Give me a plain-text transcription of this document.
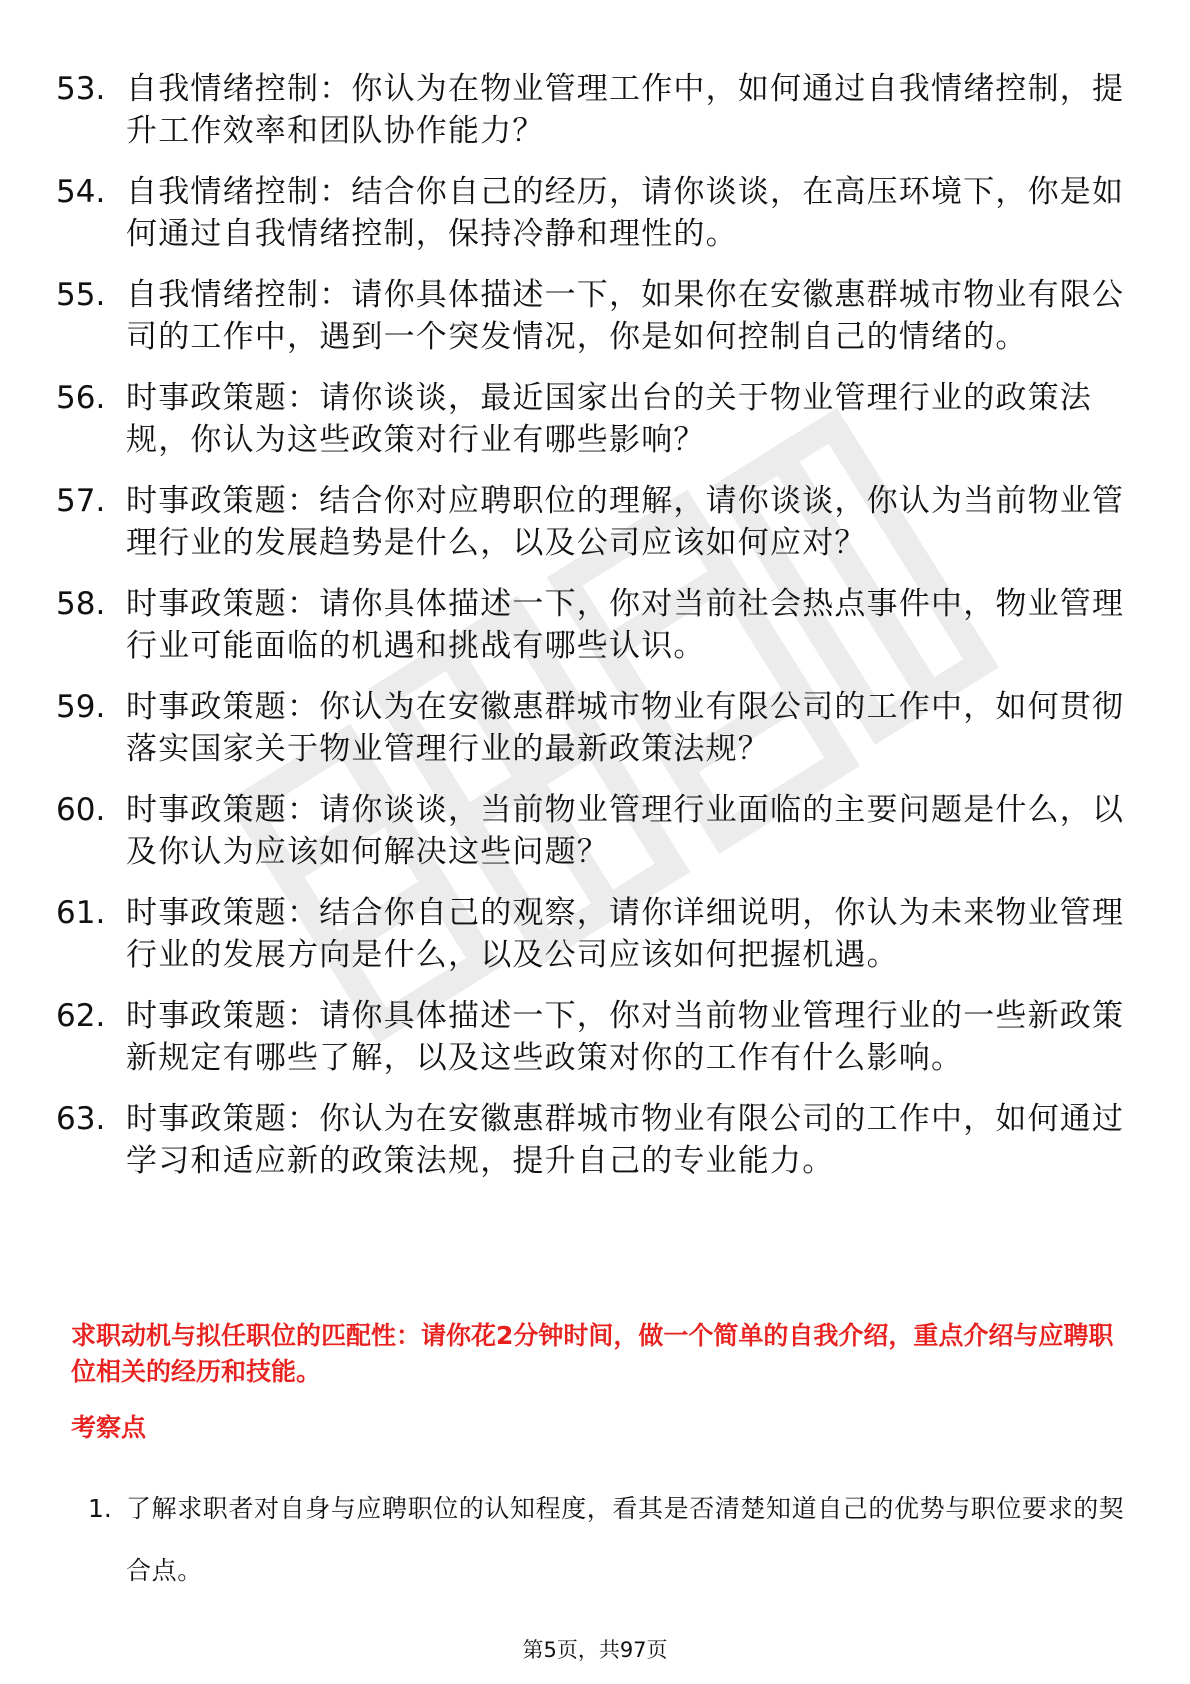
53. 自我情绪控制：你认为在物业管理工作中，如何通过自我情绪控制，提升工作效率和团队协作能力？
54. 自我情绪控制：结合你自己的经历，请你谈谈，在高压环境下，你是如何通过自我情绪控制，保持冷静和理性的。
55. 自我情绪控制：请你具体描述一下，如果你在安徽惠群城市物业有限公司的工作中，遇到一个突发情况，你是如何控制自己的情绪的。
56. 时事政策题：请你谈谈，最近国家出台的关于物业管理行业的政策法规，你认为这些政策对行业有哪些影响？
57. 时事政策题：结合你对应聘职位的理解，请你谈谈，你认为当前物业管理行业的发展趋势是什么，以及公司应该如何应对？
58. 时事政策题：请你具体描述一下，你对当前社会热点事件中，物业管理行业可能面临的机遇和挑战有哪些认识。
59. 时事政策题：你认为在安徽惠群城市物业有限公司的工作中，如何贯彻落实国家关于物业管理行业的最新政策法规？
60. 时事政策题：请你谈谈，当前物业管理行业面临的主要问题是什么，以及你认为应该如何解决这些问题？
61. 时事政策题：结合你自己的观察，请你详细说明，你认为未来物业管理行业的发展方向是什么，以及公司应该如何把握机遇。
62. 时事政策题：请你具体描述一下，你对当前物业管理行业的一些新政策新规定有哪些了解，以及这些政策对你的工作有什么影响。
63. 时事政策题：你认为在安徽惠群城市物业有限公司的工作中，如何通过学习和适应新的政策法规，提升自己的专业能力。

求职动机与拟任职位的匹配性：请你花2分钟时间，做一个简单的自我介绍，重点介绍与应聘职位相关的经历和技能。

考察点

1. 了解求职者对自身与应聘职位的认知程度，看其是否清楚知道自己的优势与职位要求的契合点。
第5页，共97页
